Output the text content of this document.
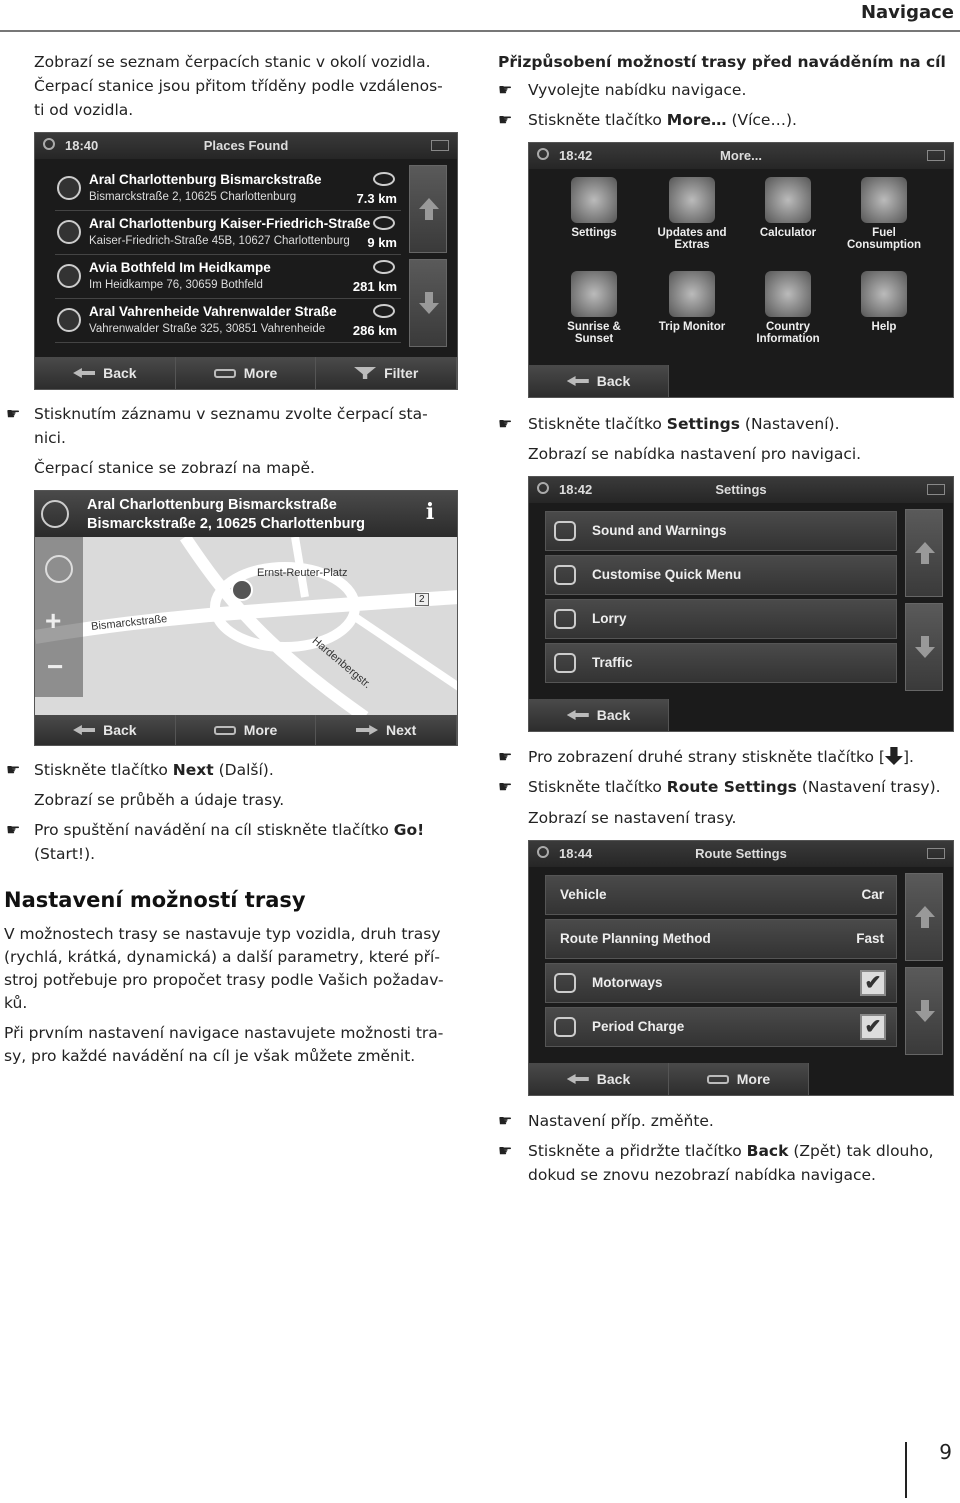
Navigace
Zobrazí se seznam čerpacích stanic v okolí vozidla.
Čerpací stanice jsou přitom tříděny podle vzdálenos-
ti od vozidla.
18:40	Places Found
Aral Charlottenburg Bismarckstraße
Bismarckstraße 2, 10625 Charlottenburg	7.3 km
Aral Charlottenburg Kaiser-Friedrich-Straße
Kaiser-Friedrich-Straße 45B, 10627 Charlottenburg 9 km
Avia Bothfeld Im Heidkampe
Im Heidkampe 76, 30659 Bothfeld	281 km
Aral Vahrenheide Vahrenwalder Straße
Vahrenwalder Straße 325, 30851 Vahrenheide 286 km
Back	More	Filter
☛ Stisknutím záznamu v seznamu zvolte čerpací sta-
nici.
Čerpací stanice se zobrazí na mapě.
Aral Charlottenburg Bismarckstraße
Bismarckstraße 2, 10625 Charlottenburg	i
Ernst-Reuter-Platz
Bismarckstraße
Hardenbergstr.
2
+
−
Back	More	Next
☛ Stiskněte tlačítko Next (Další).
Zobrazí se průběh a údaje trasy.
☛ Pro spuštění navádění na cíl stiskněte tlačítko Go!
(Start!).
Nastavení možností trasy
V možnostech trasy se nastavuje typ vozidla, druh trasy
(rychlá, krátká, dynamická) a další parametry, které pří-
stroj potřebuje pro propočet trasy podle Vašich požadav-
ků.
Při prvním nastavení navigace nastavujete možnosti tra-
sy, pro každé navádění na cíl je však můžete změnit.
Přizpůsobení možností trasy před naváděním na cíl
☛ Vyvolejte nabídku navigace.
☛ Stiskněte tlačítko More… (Více…).
18:42	More...
Settings	Updates and Extras
Calculator	Fuel Consumption
Sunrise & Sunset
Trip Monitor	Country Information
Help
Back
☛ Stiskněte tlačítko Settings (Nastavení).
Zobrazí se nabídka nastavení pro navigaci.
18:42	Settings
Sound and Warnings
Customise Quick Menu
Lorry
Traffic
Back
☛ Pro zobrazení druhé strany stiskněte tlačítko [ ].
☛ Stiskněte tlačítko Route Settings (Nastavení trasy).
Zobrazí se nastavení trasy.
18:44	Route Settings
Vehicle	Car
Route Planning Method	Fast
Motorways	✔
Period Charge	✔
Back	More
☛ Nastavení příp. změňte.
☛ Stiskněte a přidržte tlačítko Back (Zpět) tak dlouho,
dokud se znovu nezobrazí nabídka navigace.
9
